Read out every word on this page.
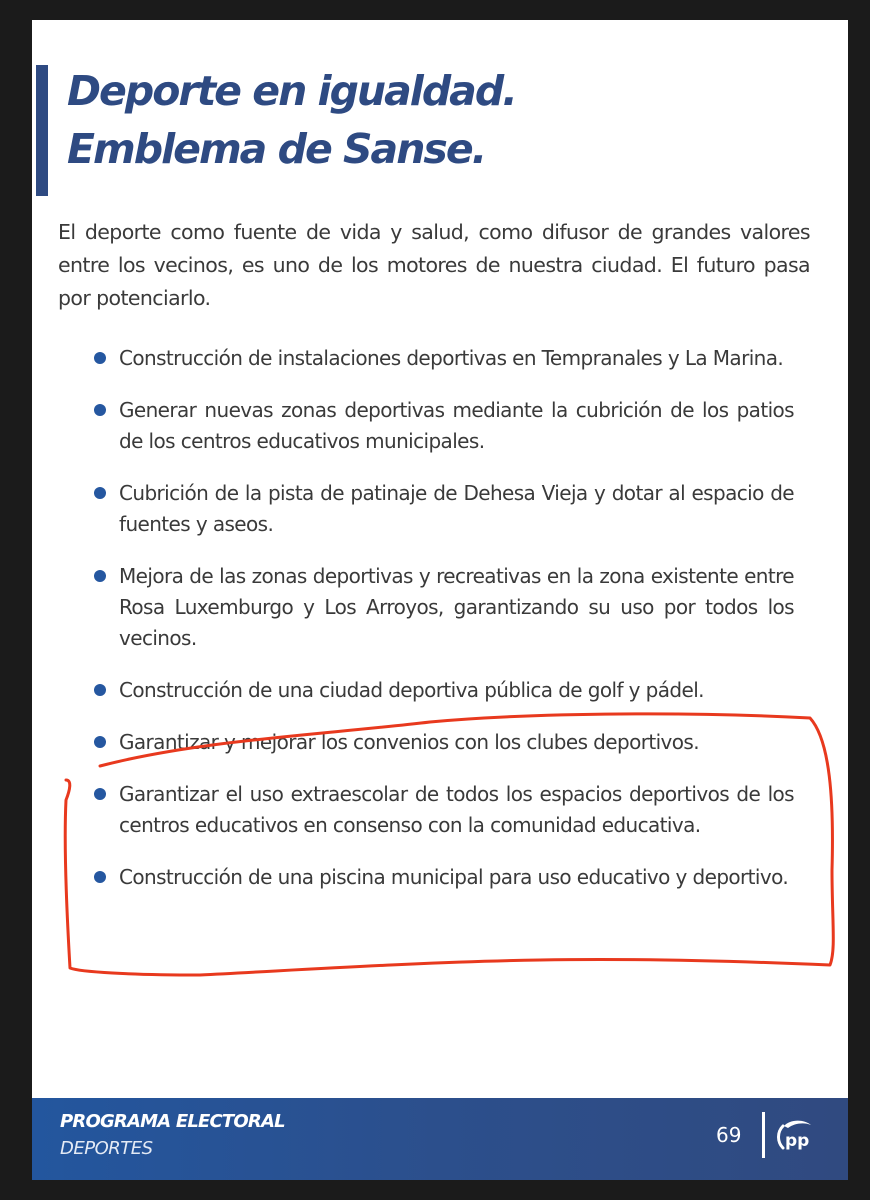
Deporte en igualdad.
Emblema de Sanse.

El deporte como fuente de vida y salud, como difusor de grandes valores entre los vecinos, es uno de los motores de nuestra ciudad. El futuro pasa por potenciarlo.

Construcción de instalaciones deportivas en Tempranales y La Marina.
Generar nuevas zonas deportivas mediante la cubrición de los patios de los centros educativos municipales.
Cubrición de la pista de patinaje de Dehesa Vieja y dotar al espacio de fuentes y aseos.
Mejora de las zonas deportivas y recreativas en la zona existente entre Rosa Luxemburgo y Los Arroyos, garantizando su uso por todos los vecinos.
Construcción de una ciudad deportiva pública de golf y pádel.
Garantizar y mejorar los convenios con los clubes deportivos.
Garantizar el uso extraescolar de todos los espacios deportivos de los centros educativos en consenso con la comunidad educativa.
Construcción de una piscina municipal para uso educativo y deportivo.
PROGRAMA ELECTORAL
DEPORTES
69	pp
